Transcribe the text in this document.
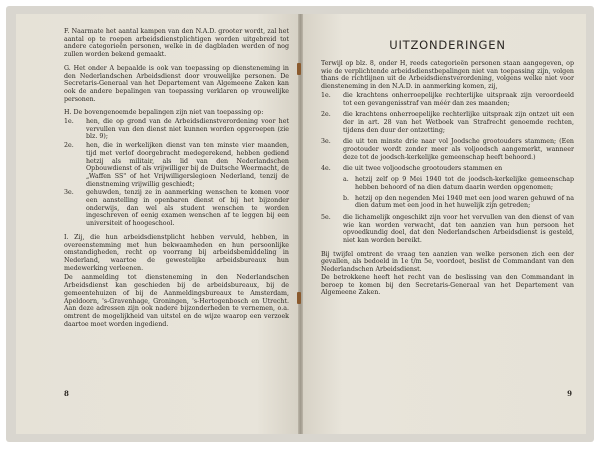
F. Naarmate het aantal kampen van den N.A.D. grooter wordt, zal het aantal op te roepen arbeidsdienstplichtigen worden uitgebreid tot andere categorieën personen, welke in de dagbladen werden of nog zullen worden bekend gemaakt.

G. Het onder A bepaalde is ook van toepassing op diensteneming in den Nederlandschen Arbeidsdienst door vrouwelijke personen. De Secretaris-Generaal van het Departement van Algemeene Zaken kan ook de andere bepalingen van toepassing verklaren op vrouwelijke personen.

H. De bovengenoemde bepalingen zijn niet van toepassing op:

1e.	hen, die op grond van de Arbeidsdienstverordening voor het vervullen van den dienst niet kunnen worden opgeroepen (zie blz. 9);
2e.	hen, die in werkelijken dienst van ten minste vier maanden, tijd met verlof doorgebracht medegerekend, hebben gediend hetzij als militair, als lid van den Nederlandschen Opbouwdienst of als vrijwilliger bij de Duitsche Weermacht, de „Waffen SS" of het Vrijwilligerslegioen Nederland, tenzij de dienstneming vrijwillig geschiedt;
3e.	gehuwden, tenzij ze in aanmerking wenschen te komen voor een aanstelling in openbaren dienst of bij het bijzonder onderwijs, dan wel als student wenschen te worden ingeschreven of eenig examen wenschen af te leggen bij een universiteit of hoogeschool.

I. Zij, die hun arbeidsdienstplicht hebben vervuld, hebben, in overeenstemming met hun bekwaamheden en hun persoonlijke omstandigheden, recht op voorrang bij arbeidsbemiddeling in Nederland, waartoe de gewestelijke arbeidsbureaux hun medewerking verleenen.

De aanmelding tot diensteneming in den Nederlandschen Arbeidsdienst kan geschieden bij de arbeidsbureaux, bij de gemeentehuizen of bij de Aanmeldingsbureaux te Amsterdam, Apeldoorn, 's-Gravenhage, Groningen, 's-Hertogenbosch en Utrecht. Aan deze adressen zijn ook nadere bijzonderheden te vernemen, o.a. omtrent de mogelijkheid van uitstel en de wijze waarop een verzoek daartoe moet worden ingediend.

8
UITZONDERINGEN

Terwijl op blz. 8, onder H, reeds categorieën personen staan aangegeven, op wie de verplichtende arbeidsdienstbepalingen niet van toepassing zijn, volgen thans de richtlijnen uit de Arbeidsdienstverordening, volgens welke niet voor diensteneming in den N.A.D. in aanmerking komen, zij,

1e.	die krachtens onherroepelijke rechterlijke uitspraak zijn veroordeeld tot een gevangenisstraf van méér dan zes maanden;
2e.	die krachtens onherroepelijke rechterlijke uitspraak zijn ontzet uit een der in art. 28 van het Wetboek van Strafrecht genoemde rechten, tijdens den duur der ontzetting;
3e.	die uit ten minste drie naar vol Joodsche grootouders stammen; (Een grootouder wordt zonder meer als voljoodsch aangemerkt, wanneer deze tot de joodsch-kerkelijke gemeenschap heeft behoord.)
4e.	die uit twee voljoodsche grootouders stammen en
a. hetzij zelf op 9 Mei 1940 tot de joodsch-kerkelijke gemeenschap hebben behoord of na dien datum daarin werden opgenomen;
b. hetzij op den negenden Mei 1940 met een jood waren gehuwd of na dien datum met een jood in het huwelijk zijn getreden;
5e.	die lichamelijk ongeschikt zijn voor het vervullen van den dienst of van wie kan worden verwacht, dat ten aanzien van hun persoon het opvoedkundig doel, dat den Nederlandschen Arbeidsdienst is gesteld, niet kan worden bereikt.

Bij twijfel omtrent de vraag ten aanzien van welke personen zich een der gevallen, als bedoeld in 1e t/m 5e, voordoet, beslist de Commandant van den Nederlandschen Arbeidsdienst.

De betrokkene heeft het recht van de beslissing van den Commandant in beroep te komen bij den Secretaris-Generaal van het Departement van Algemeene Zaken.

9
